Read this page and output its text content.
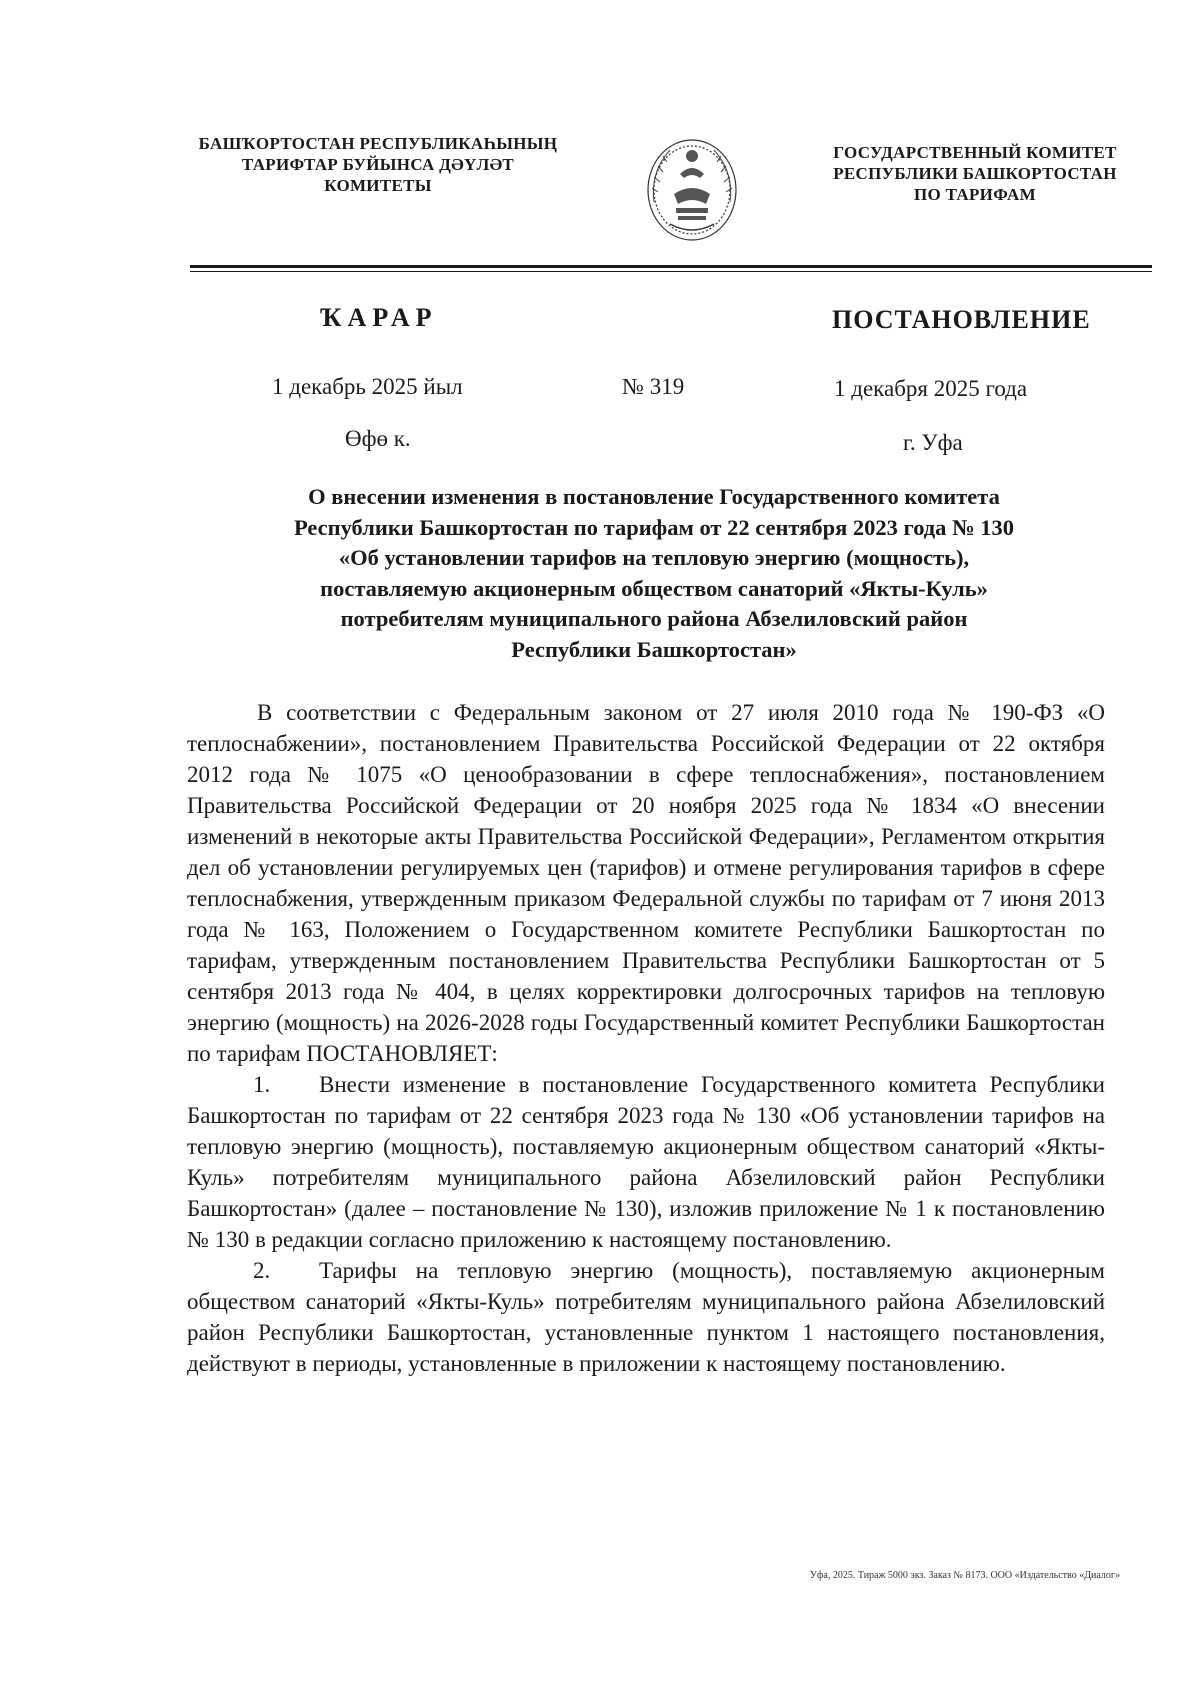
БАШҠОРТОСТАН РЕСПУБЛИКАҺЫНЫҢ
ТАРИФТАР БУЙЫНСА ДӘҮЛӘТ
КОМИТЕТЫ
ГОСУДАРСТВЕННЫЙ КОМИТЕТ
РЕСПУБЛИКИ БАШКОРТОСТАН
ПО ТАРИФАМ
ҠАРАР	ПОСТАНОВЛЕНИЕ
1 декабрь 2025 йыл	№ 319	1 декабря 2025 года
Өфө к.	г. Уфа
О внесении изменения в постановление Государственного комитета
Республики Башкортостан по тарифам от 22 сентября 2023 года № 130
«Об установлении тарифов на тепловую энергию (мощность),
поставляемую акционерным обществом санаторий «Якты-Куль»
потребителям муниципального района Абзелиловский район
Республики Башкортостан»

В соответствии с Федеральным законом от 27 июля 2010 года № 190-ФЗ «О теплоснабжении», постановлением Правительства Российской Федерации от 22 октября 2012 года № 1075 «О ценообразовании в сфере теплоснабжения», постановлением Правительства Российской Федерации от 20 ноября 2025 года № 1834 «О внесении изменений в некоторые акты Правительства Российской Федерации», Регламентом открытия дел об установлении регулируемых цен (тарифов) и отмене регулирования тарифов в сфере теплоснабжения, утвержденным приказом Федеральной службы по тарифам от 7 июня 2013 года № 163, Положением о Государственном комитете Республики Башкортостан по тарифам, утвержденным постановлением Правительства Республики Башкортостан от 5 сентября 2013 года № 404, в целях корректировки долгосрочных тарифов на тепловую энергию (мощность) на 2026-2028 годы Государственный комитет Республики Башкортостан по тарифам ПОСТАНОВЛЯЕТ:

1. Внести изменение в постановление Государственного комитета Республики Башкортостан по тарифам от 22 сентября 2023 года № 130 «Об установлении тарифов на тепловую энергию (мощность), поставляемую акционерным обществом санаторий «Якты-Куль» потребителям муниципального района Абзелиловский район Республики Башкортостан» (далее – постановление № 130), изложив приложение № 1 к постановлению № 130 в редакции согласно приложению к настоящему постановлению.

2. Тарифы на тепловую энергию (мощность), поставляемую акционерным обществом санаторий «Якты-Куль» потребителям муниципального района Абзелиловский район Республики Башкортостан, установленные пунктом 1 настоящего постановления, действуют в периоды, установленные в приложении к настоящему постановлению.

Уфа, 2025. Тираж 5000 экз. Заказ № 8173. ООО «Издательство «Диалог»
